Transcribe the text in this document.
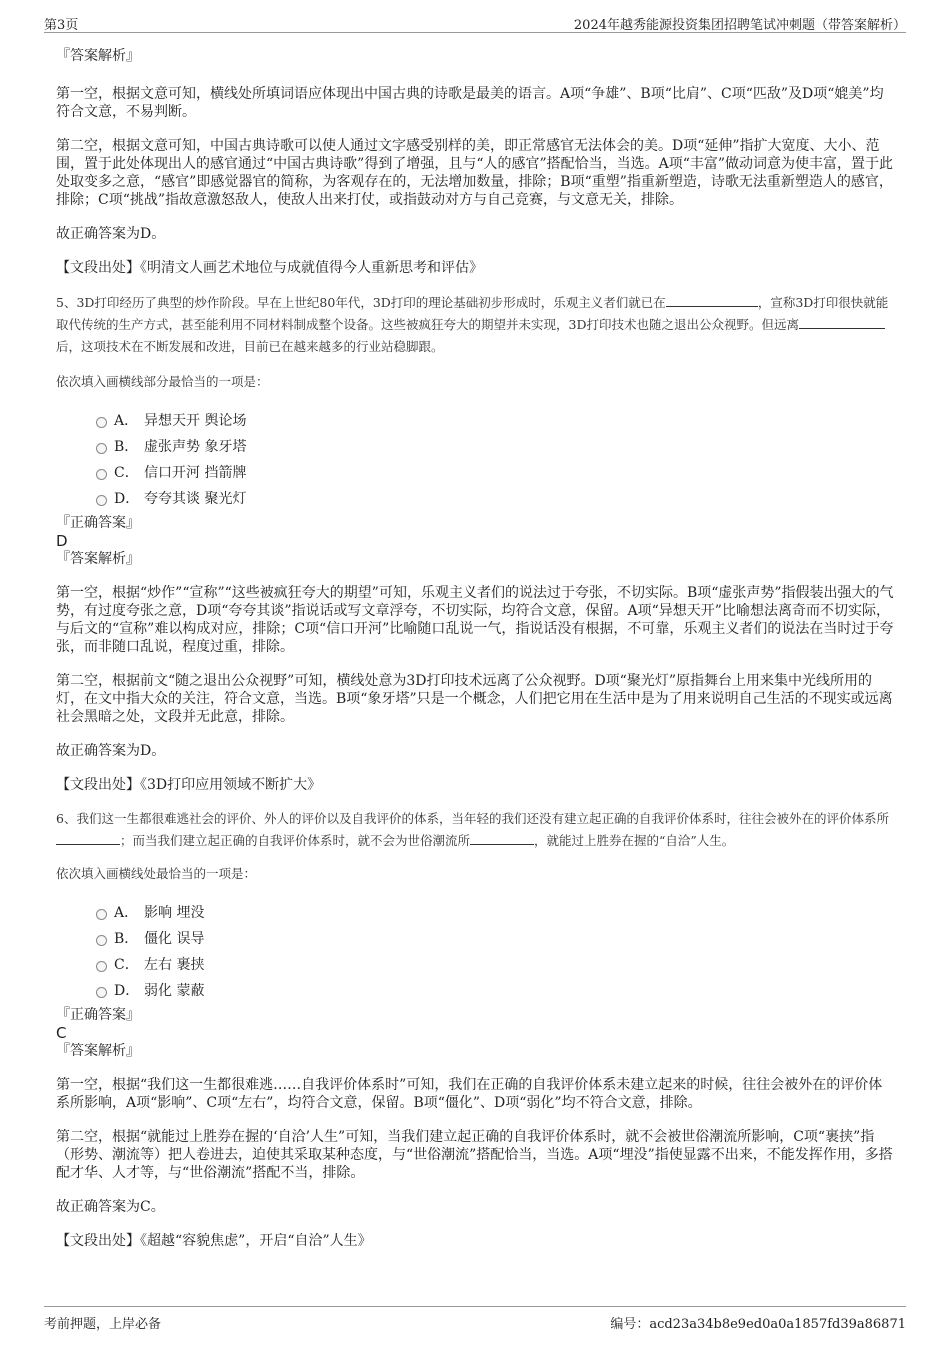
第3页	2024年越秀能源投资集团招聘笔试冲刺题（带答案解析）

『答案解析』

第一空，根据文意可知，横线处所填词语应体现出中国古典的诗歌是最美的语言。A项“争雄”、B项“比肩”、C项“匹敌”及D项“媲美”均符合文意，不易判断。

第二空，根据文意可知，中国古典诗歌可以使人通过文字感受别样的美，即正常感官无法体会的美。D项“延伸”指扩大宽度、大小、范围，置于此处体现出人的感官通过“中国古典诗歌”得到了增强，且与“人的感官”搭配恰当，当选。A项“丰富”做动词意为使丰富，置于此处取变多之意，“感官”即感觉器官的简称，为客观存在的，无法增加数量，排除；B项“重塑”指重新塑造，诗歌无法重新塑造人的感官，排除；C项“挑战”指故意激怒敌人，使敌人出来打仗，或指鼓动对方与自己竞赛，与文意无关，排除。

故正确答案为D。

【文段出处】《明清文人画艺术地位与成就值得今人重新思考和评估》

5、3D打印经历了典型的炒作阶段。早在上世纪80年代，3D打印的理论基础初步形成时，乐观主义者们就已在	，宣称3D打印很快就能取代传统的生产方式，甚至能利用不同材料制成整个设备。这些被疯狂夸大的期望并未实现，3D打印技术也随之退出公众视野。但远离后，这项技术在不断发展和改进，目前已在越来越多的行业站稳脚跟。

依次填入画横线部分最恰当的一项是：

A． 异想天开 舆论场
B． 虚张声势 象牙塔
C． 信口开河 挡箭牌
D． 夸夸其谈 聚光灯

『正确答案』

D

『答案解析』

第一空，根据“炒作”“宣称”“这些被疯狂夸大的期望”可知，乐观主义者们的说法过于夸张，不切实际。B项“虚张声势”指假装出强大的气势，有过度夸张之意，D项“夸夸其谈”指说话或写文章浮夸，不切实际，均符合文意，保留。A项“异想天开”比喻想法离奇而不切实际，与后文的“宣称”难以构成对应，排除；C项“信口开河”比喻随口乱说一气，指说话没有根据，不可靠，乐观主义者们的说法在当时过于夸张，而非随口乱说，程度过重，排除。

第二空，根据前文“随之退出公众视野”可知，横线处意为3D打印技术远离了公众视野。D项“聚光灯”原指舞台上用来集中光线所用的灯，在文中指大众的关注，符合文意，当选。B项“象牙塔”只是一个概念，人们把它用在生活中是为了用来说明自己生活的不现实或远离社会黑暗之处，文段并无此意，排除。

故正确答案为D。

【文段出处】《3D打印应用领域不断扩大》

6、我们这一生都很难逃社会的评价、外人的评价以及自我评价的体系，当年轻的我们还没有建立起正确的自我评价体系时，往往会被外在的评价体系所；而当我们建立起正确的自我评价体系时，就不会为世俗潮流所	，就能过上胜券在握的“自洽”人生。

依次填入画横线处最恰当的一项是：

A． 影响 埋没
B． 僵化 误导
C． 左右 裹挟
D． 弱化 蒙蔽

『正确答案』

C

『答案解析』

第一空，根据“我们这一生都很难逃……自我评价体系时”可知，我们在正确的自我评价体系未建立起来的时候，往往会被外在的评价体系所影响，A项“影响”、C项“左右”，均符合文意，保留。B项“僵化”、D项“弱化”均不符合文意，排除。

第二空，根据“就能过上胜券在握的‘自洽’人生”可知，当我们建立起正确的自我评价体系时，就不会被世俗潮流所影响，C项“裹挟”指（形势、潮流等）把人卷进去，迫使其采取某种态度，与“世俗潮流”搭配恰当，当选。A项“埋没”指使显露不出来，不能发挥作用，多搭配才华、人才等，与“世俗潮流”搭配不当，排除。

故正确答案为C。

【文段出处】《超越“容貌焦虑”，开启“自洽”人生》

考前押题，上岸必备	编号：acd23a34b8e9ed0a0a1857fd39a86871
